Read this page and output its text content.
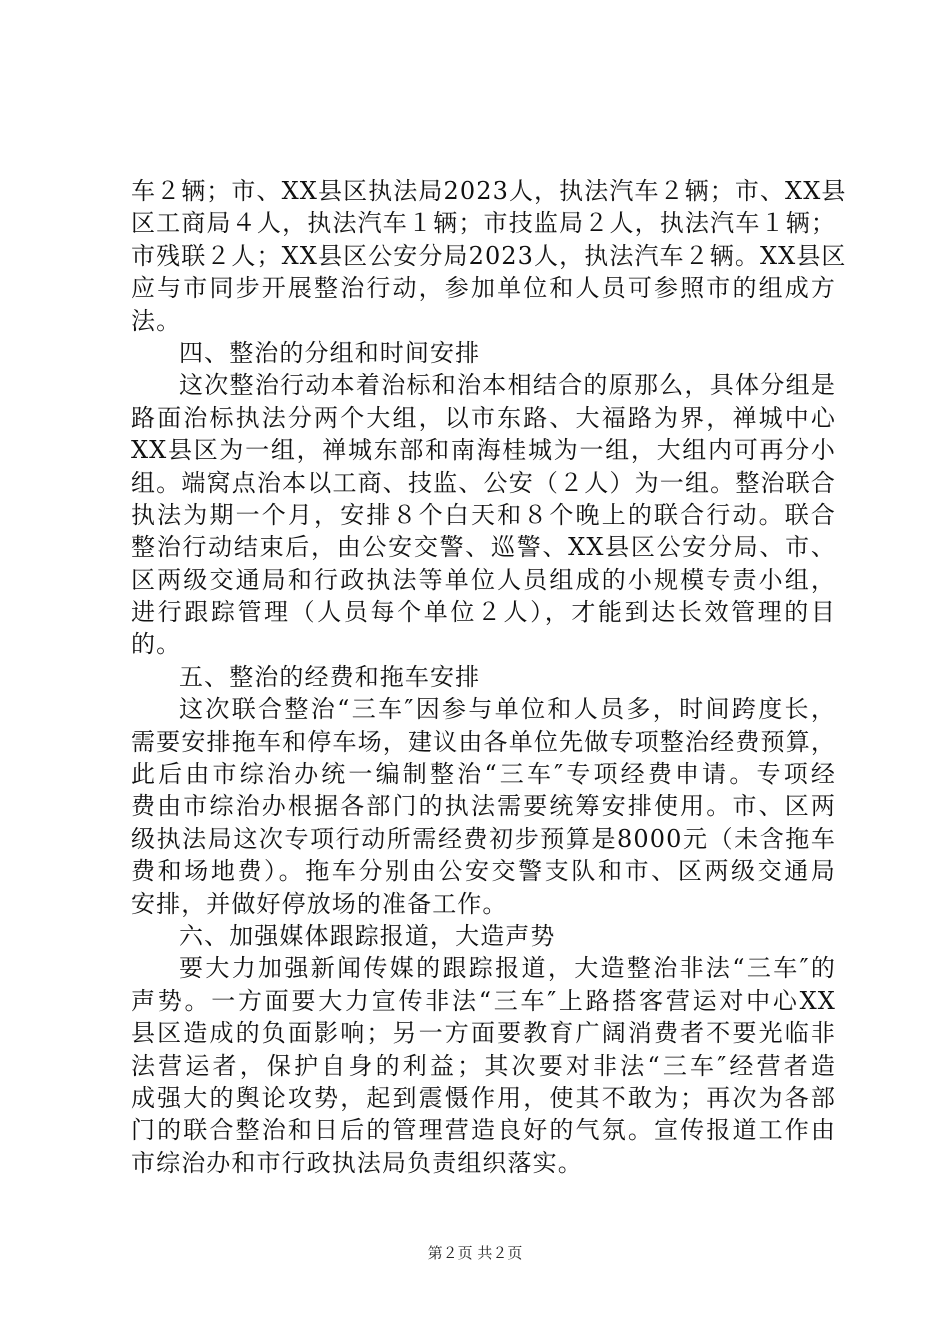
车２辆；市、XX县区执法局2023人，执法汽车２辆；市、XX县
区工商局４人，执法汽车１辆；市技监局２人，执法汽车１辆；
市残联２人；XX县区公安分局2023人，执法汽车２辆。XX县区
应与市同步开展整治行动，参加单位和人员可参照市的组成方
法。
四、整治的分组和时间安排
这次整治行动本着治标和治本相结合的原那么，具体分组是
路面治标执法分两个大组，以市东路、大福路为界，禅城中心
XX县区为一组，禅城东部和南海桂城为一组，大组内可再分小
组。端窝点治本以工商、技监、公安（２人）为一组。整治联合
执法为期一个月，安排８个白天和８个晚上的联合行动。联合
整治行动结束后，由公安交警、巡警、XX县区公安分局、市、
区两级交通局和行政执法等单位人员组成的小规模专责小组，
进行跟踪管理（人员每个单位２人），才能到达长效管理的目
的。
五、整治的经费和拖车安排
这次联合整治“三车″因参与单位和人员多，时间跨度长，
需要安排拖车和停车场，建议由各单位先做专项整治经费预算，
此后由市综治办统一编制整治“三车″专项经费申请。专项经
费由市综治办根据各部门的执法需要统筹安排使用。市、区两
级执法局这次专项行动所需经费初步预算是8000元（未含拖车
费和场地费）。拖车分别由公安交警支队和市、区两级交通局
安排，并做好停放场的准备工作。
六、加强媒体跟踪报道，大造声势
要大力加强新闻传媒的跟踪报道，大造整治非法“三车″的
声势。一方面要大力宣传非法“三车″上路搭客营运对中心XX
县区造成的负面影响；另一方面要教育广阔消费者不要光临非
法营运者，保护自身的利益；其次要对非法“三车″经营者造
成强大的舆论攻势，起到震慑作用，使其不敢为；再次为各部
门的联合整治和日后的管理营造良好的气氛。宣传报道工作由
市综治办和市行政执法局负责组织落实。
第２页 共２页
